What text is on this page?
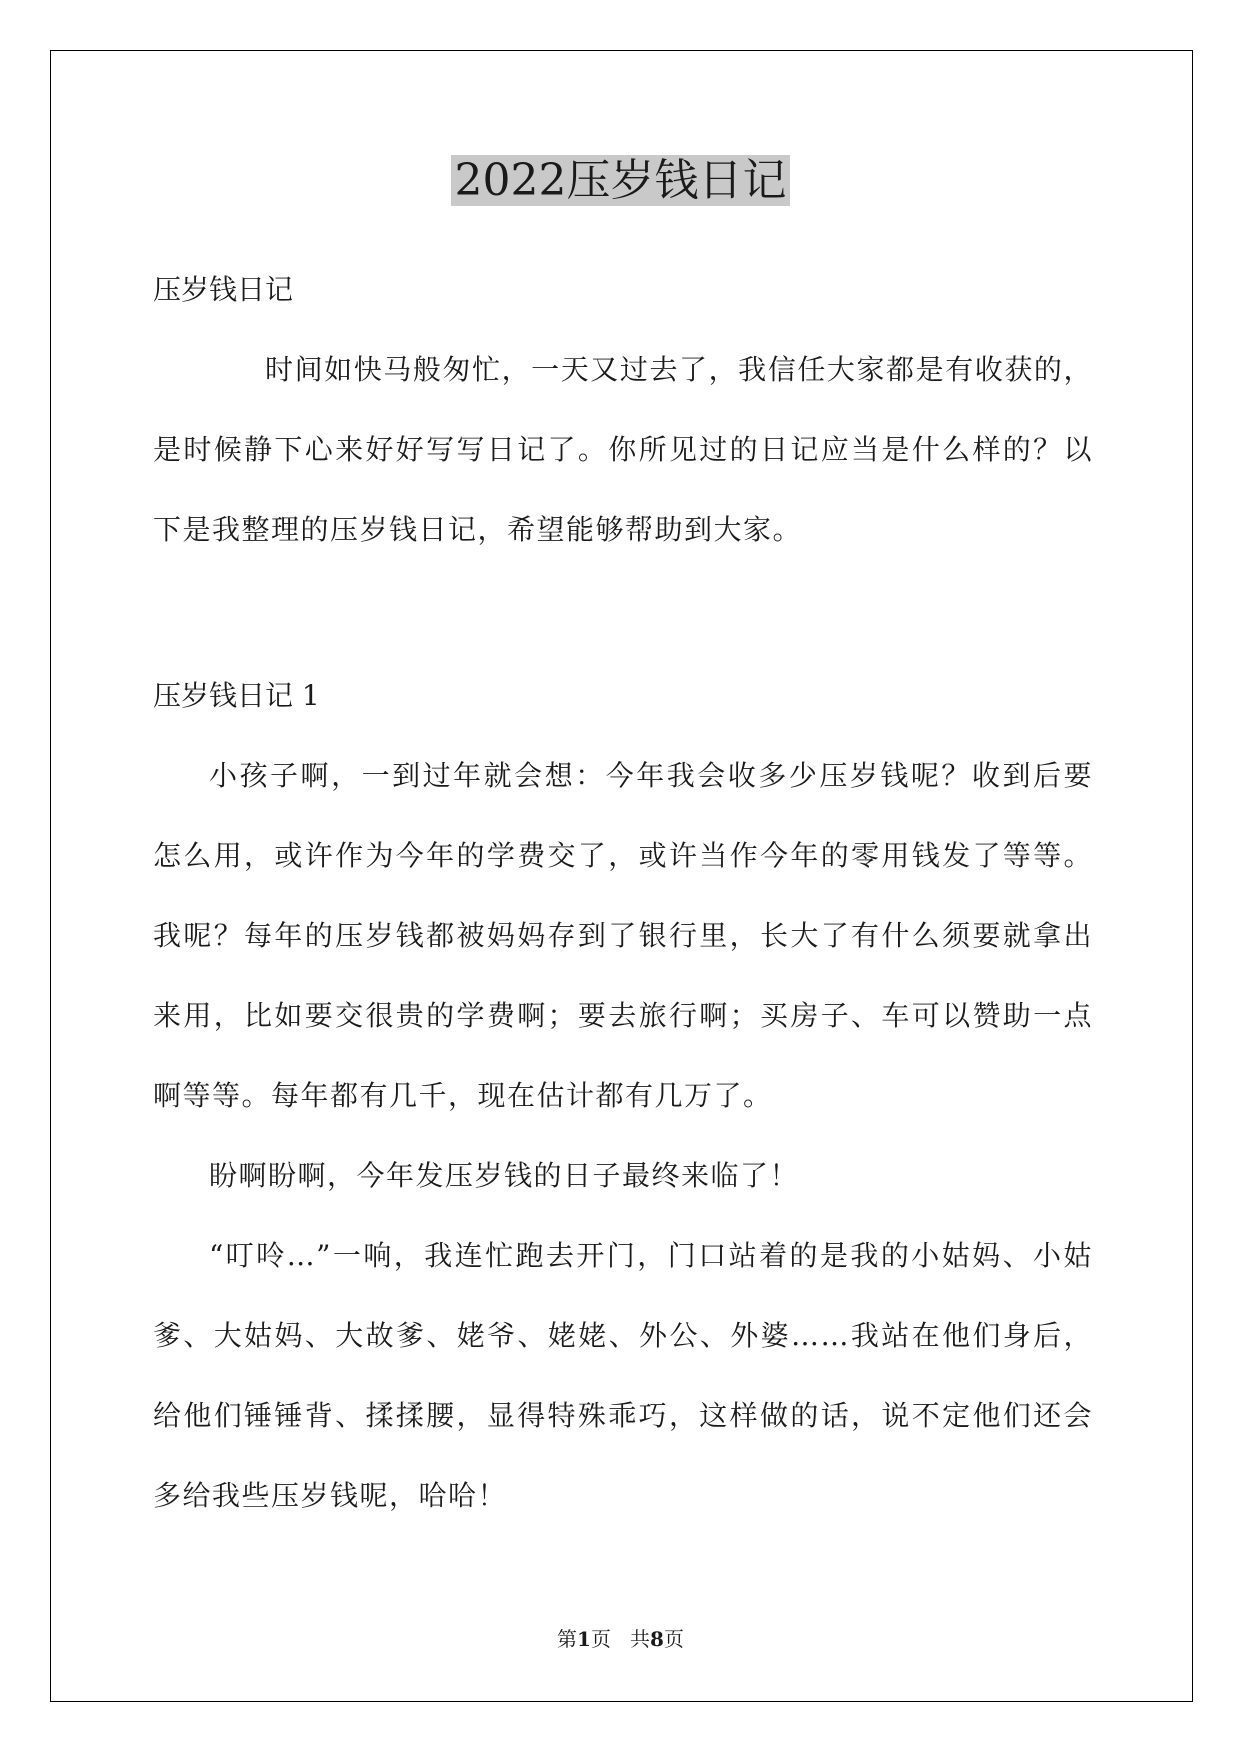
2022压岁钱日记

压岁钱日记

时间如快马般匆忙，一天又过去了，我信任大家都是有收获的，是时候静下心来好好写写日记了。你所见过的日记应当是什么样的？以下是我整理的压岁钱日记，希望能够帮助到大家。

压岁钱日记 1

小孩子啊，一到过年就会想：今年我会收多少压岁钱呢？收到后要怎么用，或许作为今年的学费交了，或许当作今年的零用钱发了等等。我呢？每年的压岁钱都被妈妈存到了银行里，长大了有什么须要就拿出来用，比如要交很贵的学费啊；要去旅行啊；买房子、车可以赞助一点啊等等。每年都有几千，现在估计都有几万了。

盼啊盼啊，今年发压岁钱的日子最终来临了！

“叮呤…”一响，我连忙跑去开门，门口站着的是我的小姑妈、小姑爹、大姑妈、大故爹、姥爷、姥姥、外公、外婆……我站在他们身后，给他们锤锤背、揉揉腰，显得特殊乖巧，这样做的话，说不定他们还会多给我些压岁钱呢，哈哈！

第1页 共8页
